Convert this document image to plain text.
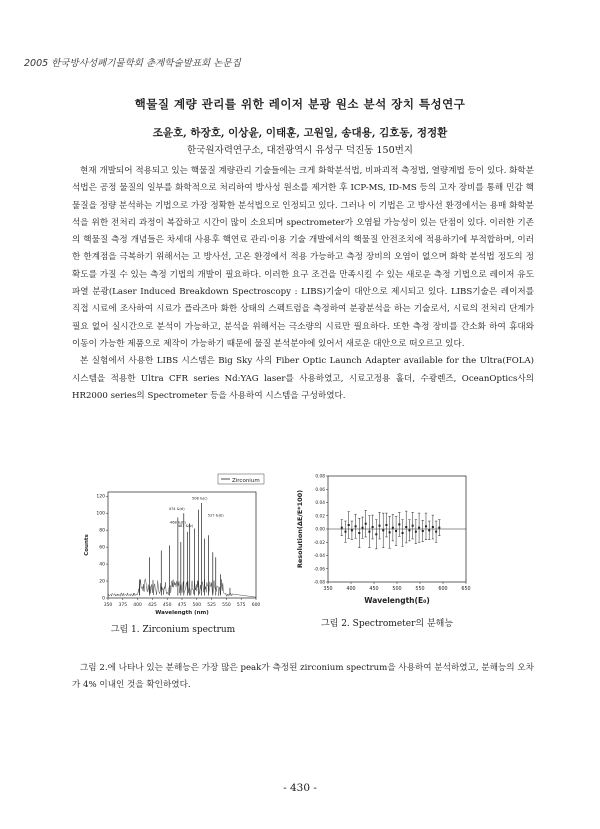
2005 한국방사성폐기물학회 춘계학술발표회 논문집
핵물질 계량 관리를 위한 레이저 분광 원소 분석 장치 특성연구
조윤호, 하장호, 이상윤, 이태훈, 고원일, 송대용, 김호동, 정정환
한국원자력연구소, 대전광역시 유성구 덕진동 150번지

현재 개발되어 적용되고 있는 핵물질 계량관리 기술들에는 크게 화학분석법, 비파괴적 측정법, 열량계법 등이 있다. 화학분석법은 공정 물질의 일부를 화학적으로 처리하여 방사성 원소를 제거한 후 ICP-MS, ID-MS 등의 고자 장비를 통해 민감 핵물질을 정량 분석하는 기법으로 가장 정확한 분석법으로 인정되고 있다. 그러나 이 기법은 고 방사선 환경에서는 용매 화학분석을 위한 전처리 과정이 복잡하고 시간이 많이 소요되며 spectrometer가 오염될 가능성이 있는 단점이 있다. 이러한 기존의 핵물질 측정 개념들은 차세대 사용후 핵연료 관리·이용 기술 개발에서의 핵물질 안전조치에 적용하기에 부적합하며, 이러한 한계점을 극복하기 위해서는 고 방사선, 고온 환경에서 적용 가능하고 측정 장비의 오염이 없으며 화학 분석법 정도의 정확도를 가질 수 있는 측정 기법의 개발이 필요하다. 이러한 요구 조건을 만족시킬 수 있는 새로운 측정 기법으로 레이저 유도 파열 분광(Laser Induced Breakdown Spectroscopy : LIBS)기술이 대안으로 제시되고 있다. LIBS기술은 레이저를 직접 시료에 조사하여 시료가 플라즈마 화한 상태의 스펙트럼을 측정하여 분광분석을 하는 기술로서, 시료의 전처리 단계가 필요 없어 실시간으로 분석이 가능하고, 분석을 위해서는 극소량의 시료만 필요하다. 또한 측정 장비를 간소화 하여 휴대와 이동이 가능한 제품으로 제작이 가능하기 때문에 물질 분석분야에 있어서 새로운 대안으로 떠오르고 있다.

본 실험에서 사용한 LIBS 시스템은 Big Sky 사의 Fiber Optic Launch Adapter available for the Ultra(FOLA) 시스템을 적용한 Ultra CFR series Nd:YAG laser를 사용하였고, 시료고정용 홀더, 수광렌즈, OceanOptics사의 HR2000 series의 Spectrometer 등을 사용하여 시스템을 구성하였다.

Zirconium
350 375 400 425 450 475 500 525 550 575 600
0
20
40
60
80
100
120
Wavelength (nm)
Counts
474 &(d)
481 &(c)
508 &(c)
468 &(b)
527 &(b)
그림 1. Zirconium spectrum
350	400	450	500	550	600	650
-0.08
-0.06
-0.04
-0.02
0.00
0.02
0.04
0.06
0.08
Wavelength(E₀)
Resolution(ΔE/E*100)
그림 2. Spectrometer의 분해능

그림 2.에 나타나 있는 분해능은 가장 많은 peak가 측정된 zirconium spectrum을 사용하여 분석하였고, 분해능의 오차가 4% 이내인 것을 확인하였다.

- 430 -
